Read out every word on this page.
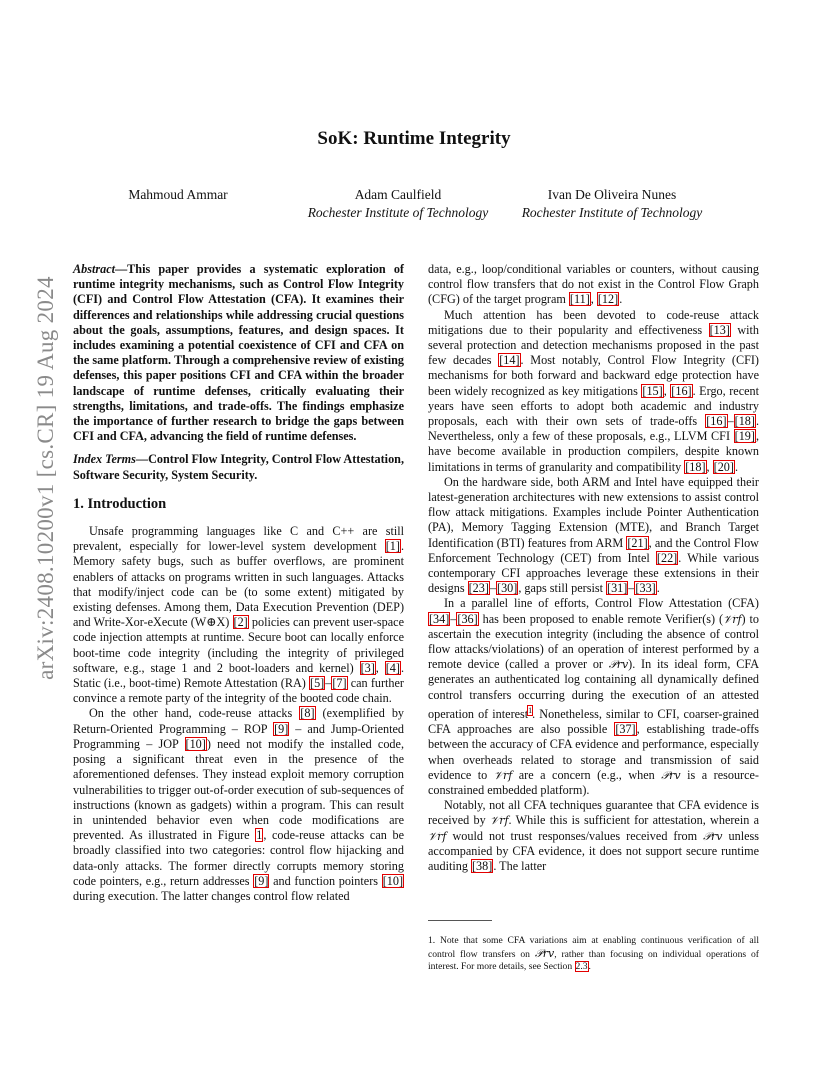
arXiv:2408.10200v1 [cs.CR] 19 Aug 2024
SoK: Runtime Integrity
Mahmoud Ammar	Adam Caulfield
Rochester Institute of Technology
Ivan De Oliveira Nunes
Rochester Institute of Technology

Abstract—This paper provides a systematic exploration of runtime integrity mechanisms, such as Control Flow Integrity (CFI) and Control Flow Attestation (CFA). It examines their differences and relationships while addressing crucial questions about the goals, assumptions, features, and design spaces. It includes examining a potential coexistence of CFI and CFA on the same platform. Through a comprehensive review of existing defenses, this paper positions CFI and CFA within the broader landscape of runtime defenses, critically evaluating their strengths, limitations, and trade-offs. The findings emphasize the importance of further research to bridge the gaps between CFI and CFA, advancing the field of runtime defenses.

Index Terms—Control Flow Integrity, Control Flow Attestation, Software Security, System Security.

1. Introduction

Unsafe programming languages like C and C++ are still prevalent, especially for lower-level system development [1]. Memory safety bugs, such as buffer overflows, are prominent enablers of attacks on programs written in such languages. Attacks that modify/inject code can be (to some extent) mitigated by existing defenses. Among them, Data Execution Prevention (DEP) and Write-Xor-eXecute (W⊕X) [2] policies can prevent user-space code injection attempts at runtime. Secure boot can locally enforce boot-time code integrity (including the integrity of privileged software, e.g., stage 1 and 2 boot-loaders and kernel) [3], [4]. Static (i.e., boot-time) Remote Attestation (RA) [5]–[7] can further convince a remote party of the integrity of the booted code chain.

On the other hand, code-reuse attacks [8] (exemplified by Return-Oriented Programming – ROP [9] – and Jump-Oriented Programming – JOP [10]) need not modify the installed code, posing a significant threat even in the presence of the aforementioned defenses. They instead exploit memory corruption vulnerabilities to trigger out-of-order execution of sub-sequences of instructions (known as gadgets) within a program. This can result in unintended behavior even when code modifications are prevented. As illustrated in Figure 1, code-reuse attacks can be broadly classified into two categories: control flow hijacking and data-only attacks. The former directly corrupts memory storing code pointers, e.g., return addresses [9] and function pointers [10] during execution. The latter changes control flow related

data, e.g., loop/conditional variables or counters, without causing control flow transfers that do not exist in the Control Flow Graph (CFG) of the target program [11], [12].

Much attention has been devoted to code-reuse attack mitigations due to their popularity and effectiveness [13] with several protection and detection mechanisms proposed in the past few decades [14]. Most notably, Control Flow Integrity (CFI) mechanisms for both forward and backward edge protection have been widely recognized as key mitigations [15], [16]. Ergo, recent years have seen efforts to adopt both academic and industry proposals, each with their own sets of trade-offs [16]–[18]. Nevertheless, only a few of these proposals, e.g., LLVM CFI [19], have become available in production compilers, despite known limitations in terms of granularity and compatibility [18], [20].

On the hardware side, both ARM and Intel have equipped their latest-generation architectures with new extensions to assist control flow attack mitigations. Examples include Pointer Authentication (PA), Memory Tagging Extension (MTE), and Branch Target Identification (BTI) features from ARM [21], and the Control Flow Enforcement Technology (CET) from Intel [22]. While various contemporary CFI approaches leverage these extensions in their designs [23]–[30], gaps still persist [31]–[33].

In a parallel line of efforts, Control Flow Attestation (CFA) [34]–[36] has been proposed to enable remote Verifier(s) (𝒱rf) to ascertain the execution integrity (including the absence of control flow attacks/violations) of an operation of interest performed by a remote device (called a prover or 𝒫rv). In its ideal form, CFA generates an authenticated log containing all dynamically defined control transfers occurring during the execution of an attested operation of interest$^1$. Nonetheless, similar to CFI, coarser-grained CFA approaches are also possible [37], establishing trade-offs between the accuracy of CFA evidence and performance, especially when overheads related to storage and transmission of said evidence to 𝒱rf are a concern (e.g., when 𝒫rv is a resource-constrained embedded platform).

Notably, not all CFA techniques guarantee that CFA evidence is received by 𝒱rf. While this is sufficient for attestation, wherein a 𝒱rf would not trust responses/values received from 𝒫rv unless accompanied by CFA evidence, it does not support secure runtime auditing [38]. The latter

1. Note that some CFA variations aim at enabling continuous verification of all control flow transfers on 𝒫rv, rather than focusing on individual operations of interest. For more details, see Section 2.3.
